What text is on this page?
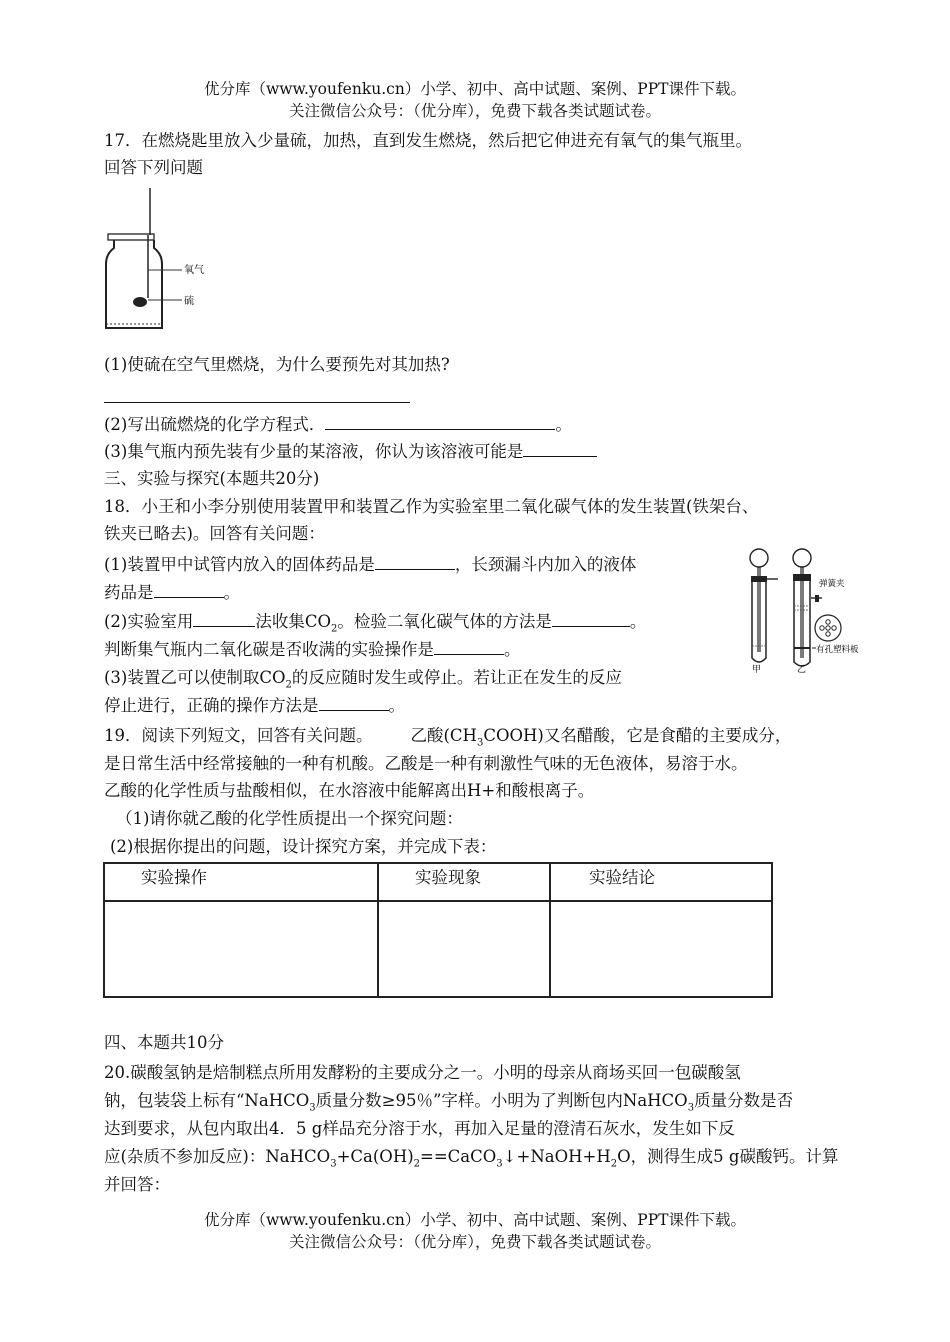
优分库（www.youfenku.cn）小学、初中、高中试题、案例、PPT课件下载。
关注微信公众号：（优分库），免费下载各类试题试卷。
17．在燃烧匙里放入少量硫，加热，直到发生燃烧，然后把它伸进充有氧气的集气瓶里。
回答下列问题
氧气
硫
(1)使硫在空气里燃烧，为什么要预先对其加热?
(2)写出硫燃烧的化学方程式．	。
(3)集气瓶内预先装有少量的某溶液，你认为该溶液可能是
三、实验与探究(本题共20分)
18．小王和小李分别使用装置甲和装置乙作为实验室里二氧化碳气体的发生装置(铁架台、
铁夹已略去)。回答有关问题：
(1)装置甲中试管内放入的固体药品是	，长颈漏斗内加入的液体
药品是	。
(2)实验室用	法收集$CO_2$。检验二氧化碳气体的方法是	。
判断集气瓶内二氧化碳是否收满的实验操作是	。
(3)装置乙可以使制取$CO_2$的反应随时发生或停止。若让正在发生的反应
停止进行，正确的操作方法是	。
弹簧夹
有孔塑料板
甲	乙
19．阅读下列短文，回答有关问题。 乙酸$(CH_3COOH)$又名醋酸，它是食醋的主要成分，
是日常生活中经常接触的一种有机酸。乙酸是一种有刺激性气味的无色液体，易溶于水。
乙酸的化学性质与盐酸相似，在水溶液中能解离出H+和酸根离子。
（1)请你就乙酸的化学性质提出一个探究问题：
(2)根据你提出的问题，设计探究方案，并完成下表：
实验操作	实验现象	实验结论

四、本题共10分
20.碳酸氢钠是焙制糕点所用发酵粉的主要成分之一。小明的母亲从商场买回一包碳酸氢
钠，包装袋上标有“NaHCO$_3$质量分数≥95％”字样。小明为了判断包内NaHCO$_3$质量分数是否
达到要求，从包内取出4．5 g样品充分溶于水，再加入足量的澄清石灰水，发生如下反
应(杂质不参加反应)：$NaHCO_3+Ca(OH)_2==CaCO_3↓+NaOH+H_2O$，测得生成5 g碳酸钙。计算
并回答：
优分库（www.youfenku.cn）小学、初中、高中试题、案例、PPT课件下载。
关注微信公众号：（优分库），免费下载各类试题试卷。
